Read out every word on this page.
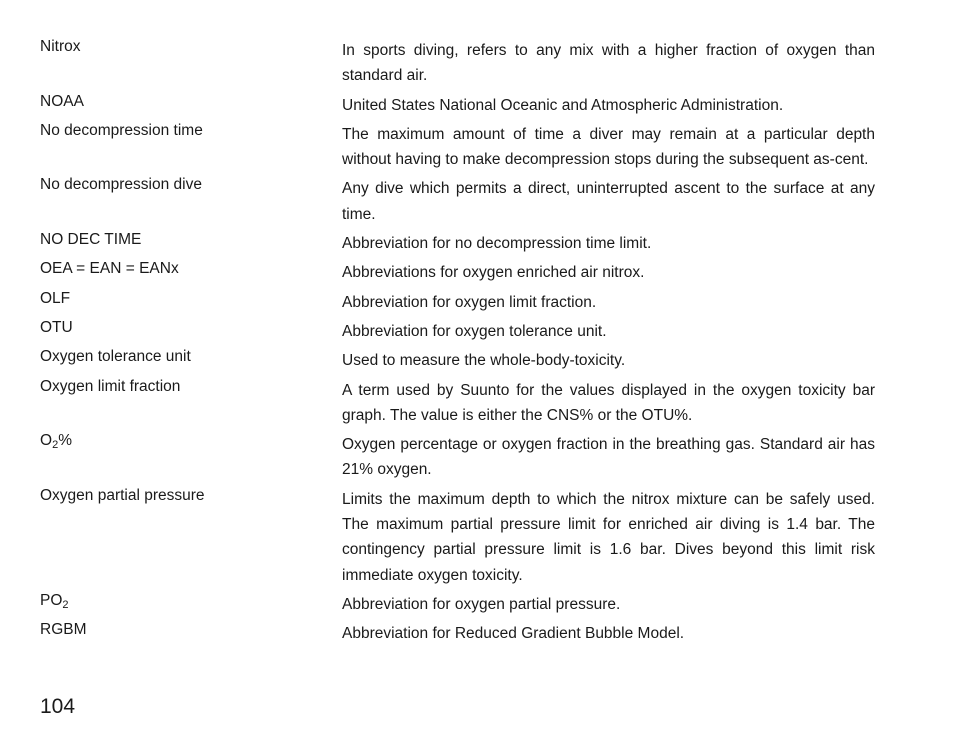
Nitrox	In sports diving, refers to any mix with a higher fraction of oxygen than standard air.
NOAA	United States National Oceanic and Atmospheric Administration.
No decompression time	The maximum amount of time a diver may remain at a particular depth without having to make decompression stops during the subsequent as-cent.
No decompression dive	Any dive which permits a direct, uninterrupted ascent to the surface at any time.
NO DEC TIME	Abbreviation for no decompression time limit.
OEA = EAN = EANx	Abbreviations for oxygen enriched air nitrox.
OLF	Abbreviation for oxygen limit fraction.
OTU	Abbreviation for oxygen tolerance unit.
Oxygen tolerance unit	Used to measure the whole-body-toxicity.
Oxygen limit fraction	A term used by Suunto for the values displayed in the oxygen toxicity bar graph. The value is either the CNS% or the OTU%.
$O_2\%$	Oxygen percentage or oxygen fraction in the breathing gas. Standard air has 21% oxygen.
Oxygen partial pressure	Limits the maximum depth to which the nitrox mixture can be safely used. The maximum partial pressure limit for enriched air diving is 1.4 bar. The contingency partial pressure limit is 1.6 bar. Dives beyond this limit risk immediate oxygen toxicity.
$PO_2$	Abbreviation for oxygen partial pressure.
RGBM	Abbreviation for Reduced Gradient Bubble Model.
104
